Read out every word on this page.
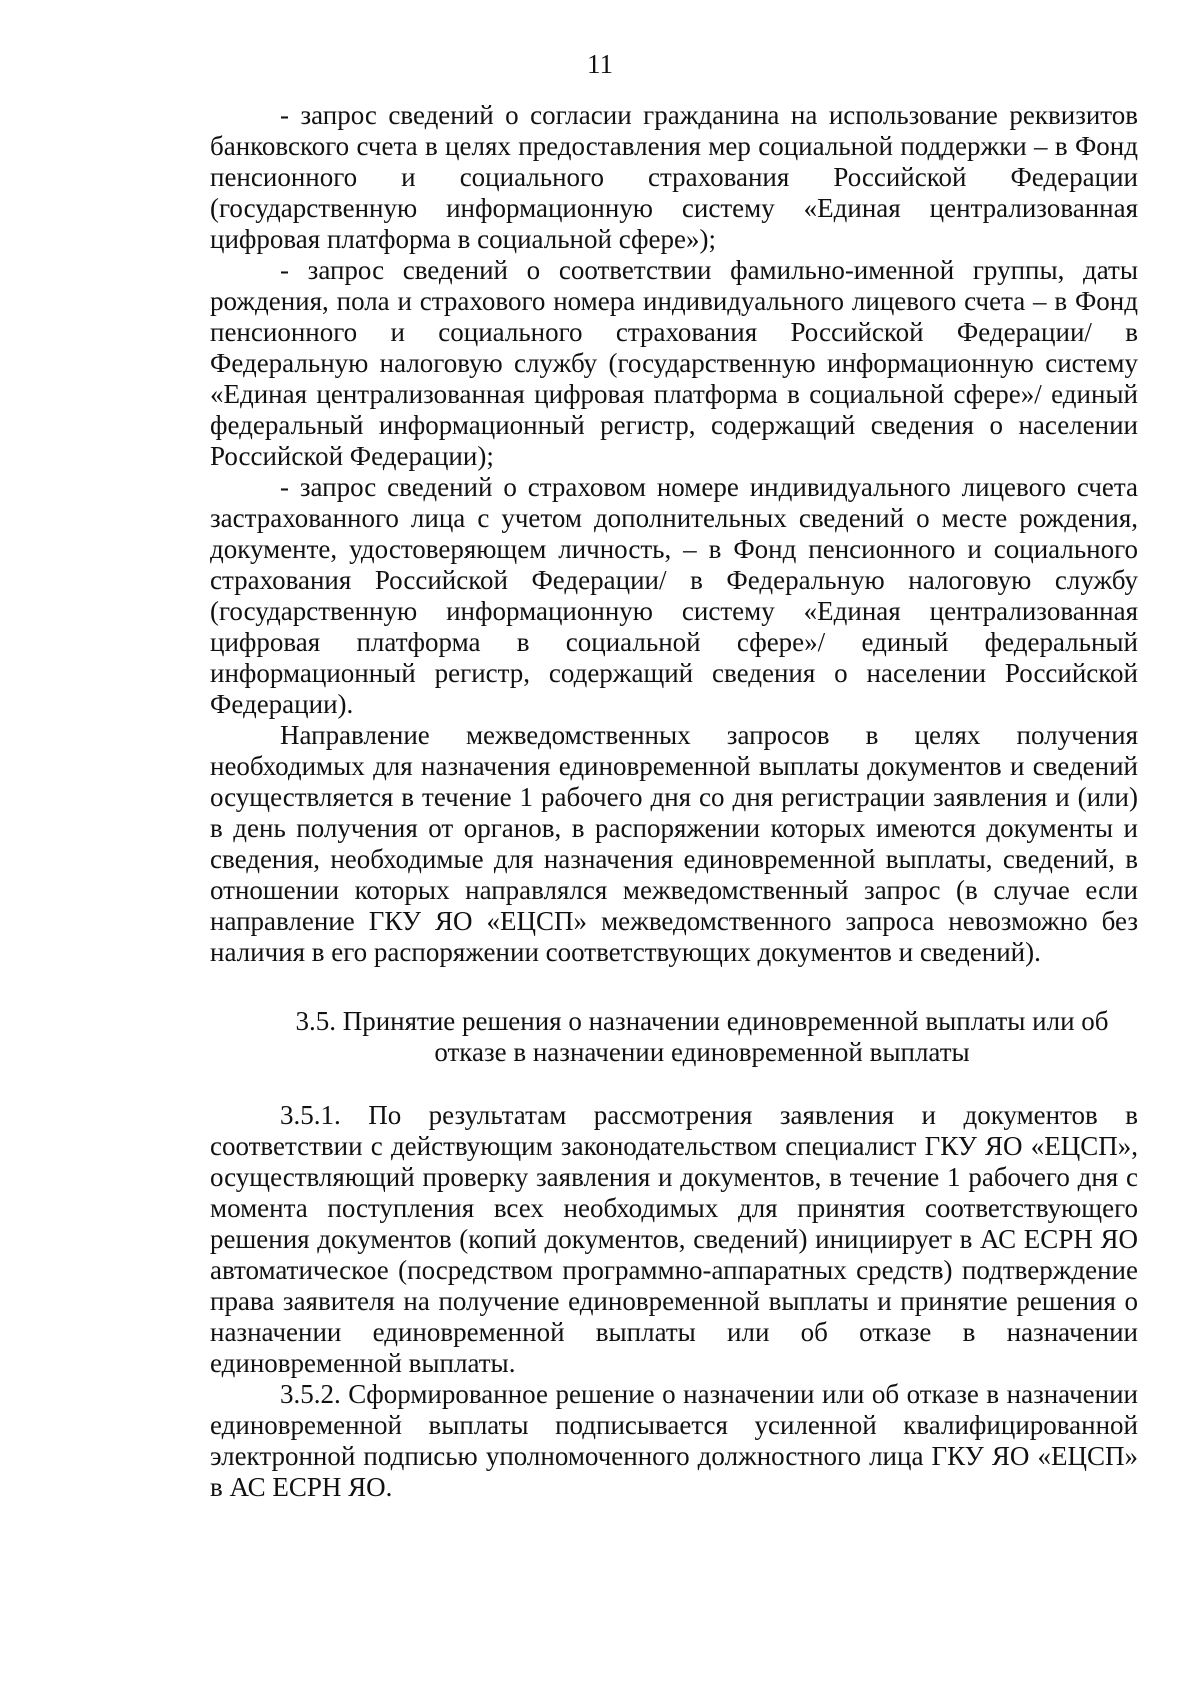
11

- запрос сведений о согласии гражданина на использование реквизитов банковского счета в целях предоставления мер социальной поддержки – в Фонд пенсионного и социального страхования Российской Федерации (государственную информационную систему «Единая централизованная цифровая платформа в социальной сфере»);

- запрос сведений о соответствии фамильно-именной группы, даты рождения, пола и страхового номера индивидуального лицевого счета – в Фонд пенсионного и социального страхования Российской Федерации/ в Федеральную налоговую службу (государственную информационную систему «Единая централизованная цифровая платформа в социальной сфере»/ единый федеральный информационный регистр, содержащий сведения о населении Российской Федерации);

- запрос сведений о страховом номере индивидуального лицевого счета застрахованного лица с учетом дополнительных сведений о месте рождения, документе, удостоверяющем личность, – в Фонд пенсионного и социального страхования Российской Федерации/ в Федеральную налоговую службу (государственную информационную систему «Единая централизованная цифровая платформа в социальной сфере»/ единый федеральный информационный регистр, содержащий сведения о населении Российской Федерации).

Направление межведомственных запросов в целях получения необходимых для назначения единовременной выплаты документов и сведений осуществляется в течение 1 рабочего дня со дня регистрации заявления и (или) в день получения от органов, в распоряжении которых имеются документы и сведения, необходимые для назначения единовременной выплаты, сведений, в отношении которых направлялся межведомственный запрос (в случае если направление ГКУ ЯО «ЕЦСП» межведомственного запроса невозможно без наличия в его распоряжении соответствующих документов и сведений).

3.5. Принятие решения о назначении единовременной выплаты или об отказе в назначении единовременной выплаты

3.5.1. По результатам рассмотрения заявления и документов в соответствии с действующим законодательством специалист ГКУ ЯО «ЕЦСП», осуществляющий проверку заявления и документов, в течение 1 рабочего дня с момента поступления всех необходимых для принятия соответствующего решения документов (копий документов, сведений) инициирует в АС ЕСРН ЯО автоматическое (посредством программно-аппаратных средств) подтверждение права заявителя на получение единовременной выплаты и принятие решения о назначении единовременной выплаты или об отказе в назначении единовременной выплаты.

3.5.2. Сформированное решение о назначении или об отказе в назначении единовременной выплаты подписывается усиленной квалифицированной электронной подписью уполномоченного должностного лица ГКУ ЯО «ЕЦСП» в АС ЕСРН ЯО.
